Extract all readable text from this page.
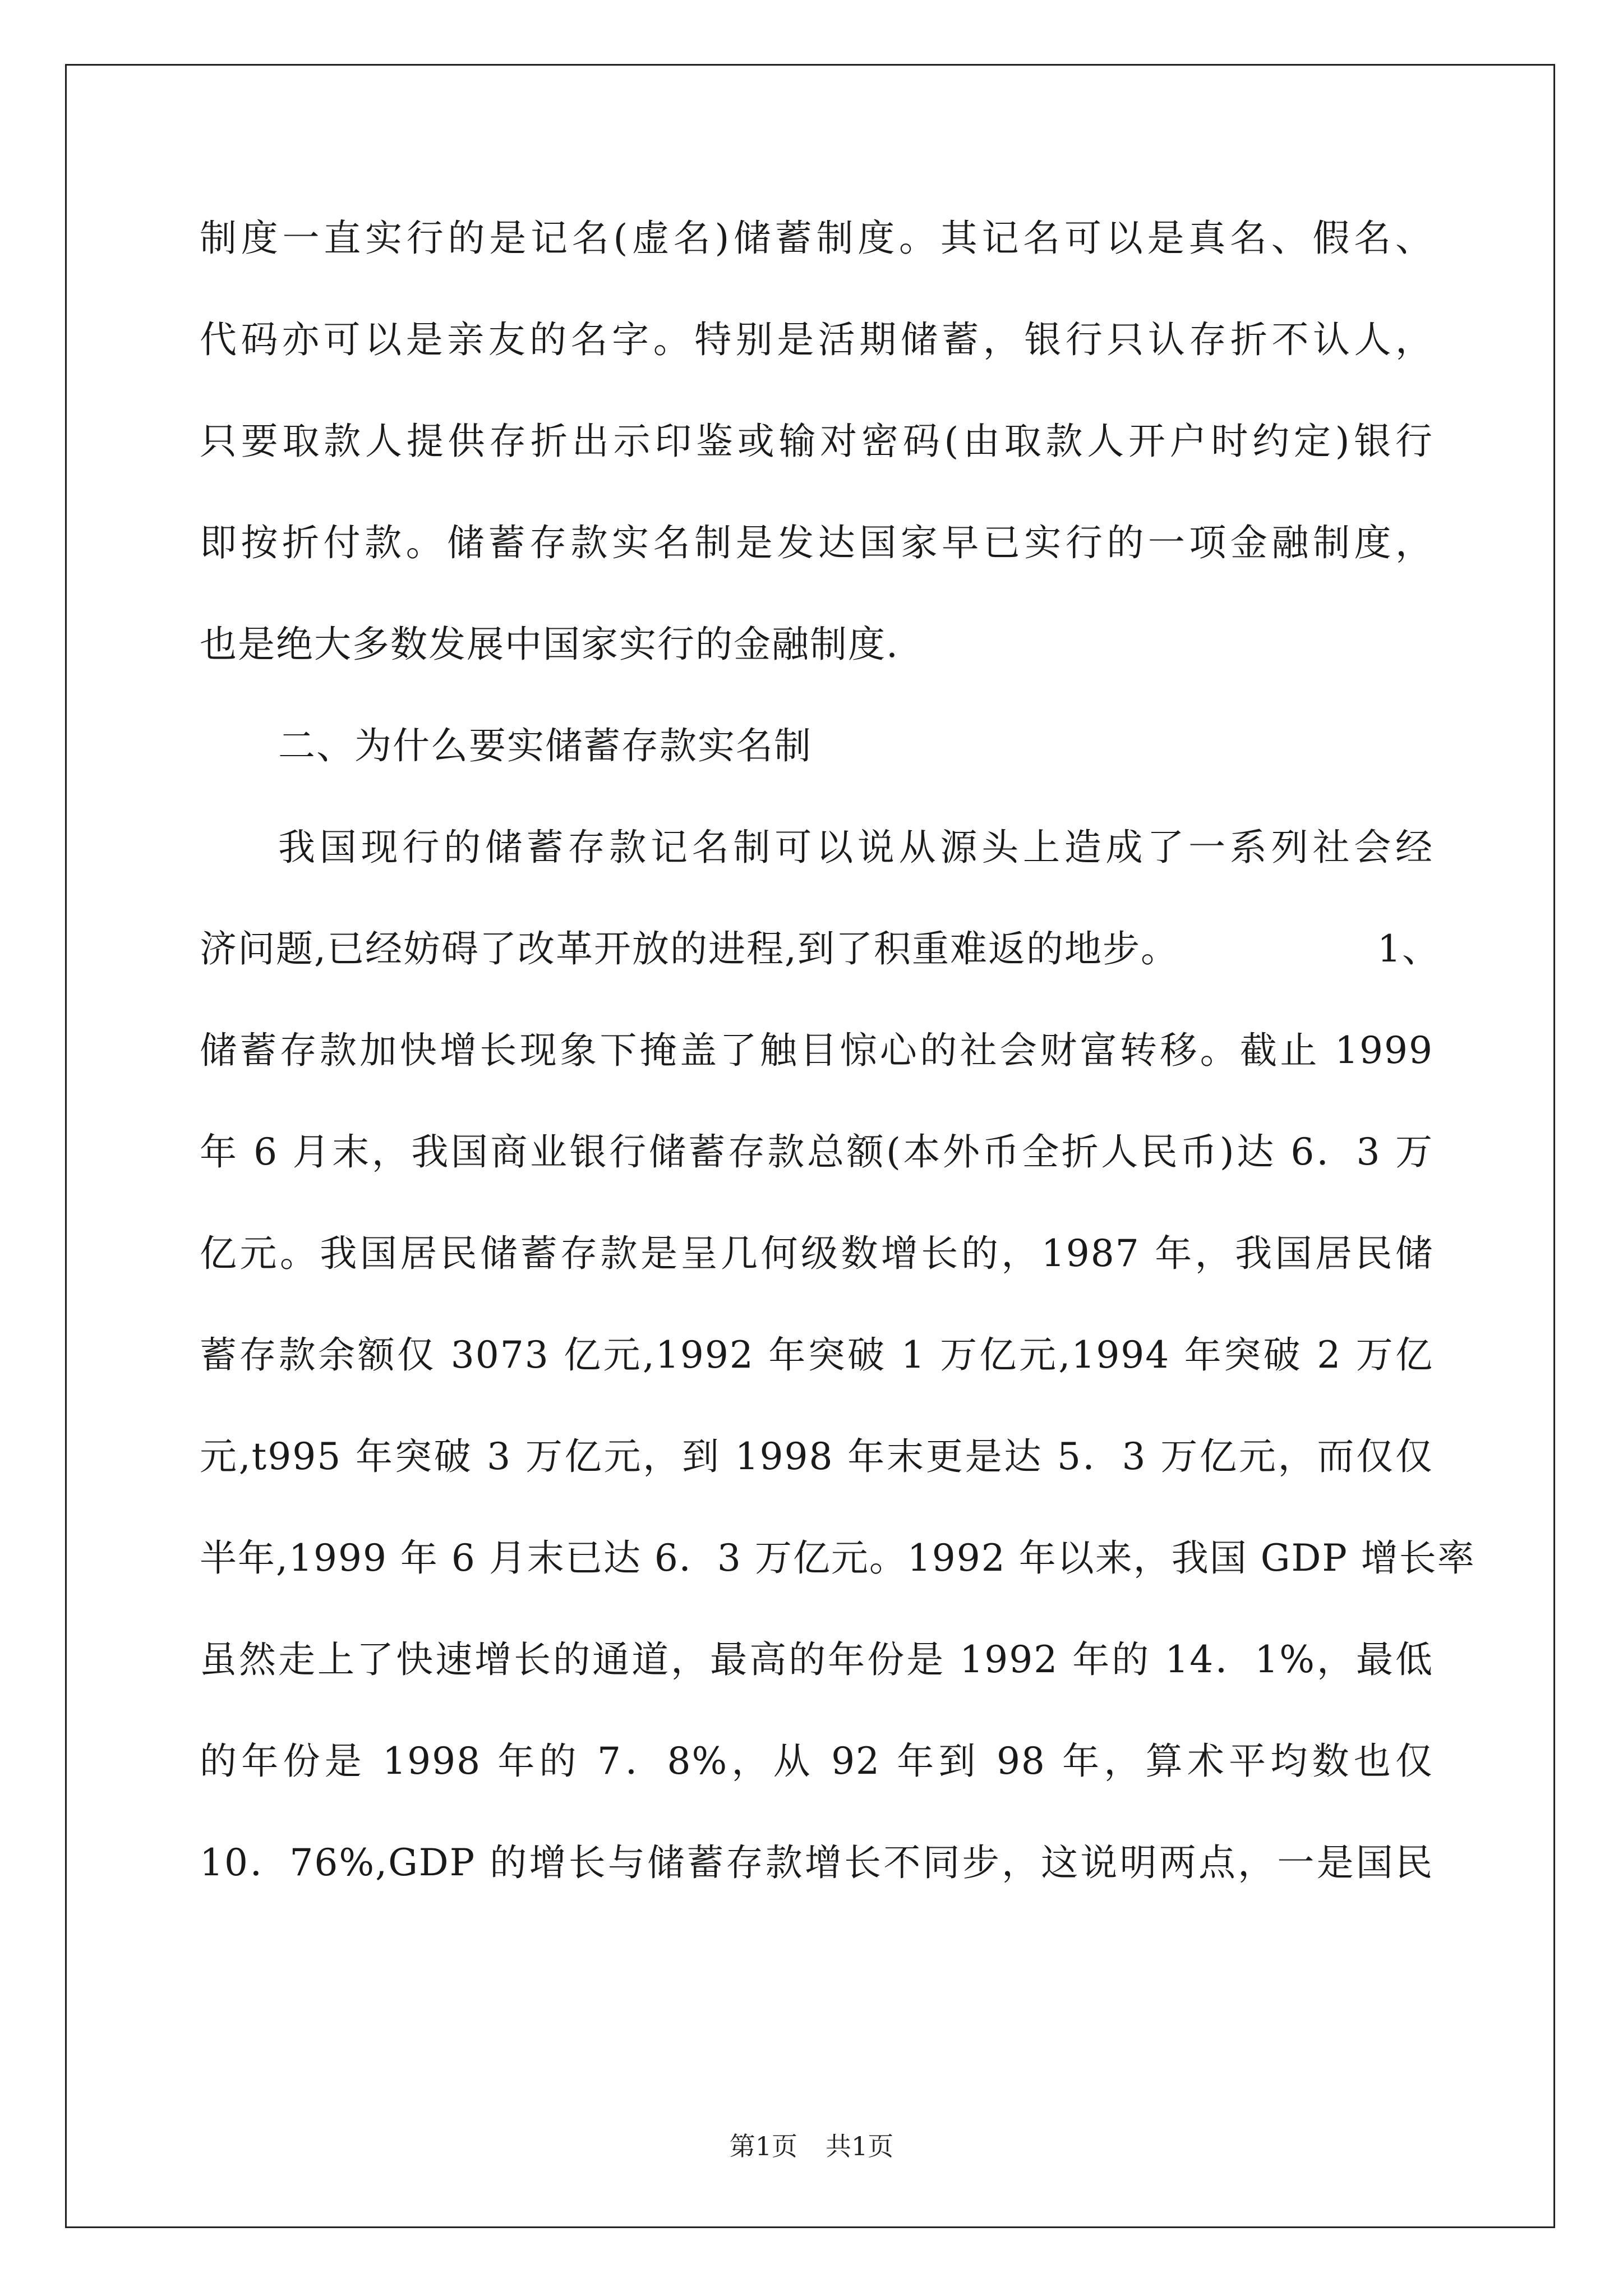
制度一直实行的是记名(虚名)储蓄制度。其记名可以是真名、假名、
代码亦可以是亲友的名字。特别是活期储蓄，银行只认存折不认人，
只要取款人提供存折出示印鉴或输对密码(由取款人开户时约定)银行
即按折付款。储蓄存款实名制是发达国家早已实行的一项金融制度，
也是绝大多数发展中国家实行的金融制度.
二、为什么要实储蓄存款实名制
我国现行的储蓄存款记名制可以说从源头上造成了一系列社会经
济问题,已经妨碍了改革开放的进程,到了积重难返的地步。	1、
储蓄存款加快增长现象下掩盖了触目惊心的社会财富转移。截止 1999
年 6 月末，我国商业银行储蓄存款总额(本外币全折人民币)达 6．3 万
亿元。我国居民储蓄存款是呈几何级数增长的，1987 年，我国居民储
蓄存款余额仅 3073 亿元,1992 年突破 1 万亿元,1994 年突破 2 万亿
元,t995 年突破 3 万亿元，到 1998 年末更是达 5．3 万亿元，而仅仅
半年,1999 年 6 月末已达 6．3 万亿元。1992 年以来，我国 GDP 增长率
虽然走上了快速增长的通道，最高的年份是 1992 年的 14．1%，最低
的年份是 1998 年的 7．8%，从 92 年到 98 年，算术平均数也仅
10．76%,GDP 的增长与储蓄存款增长不同步，这说明两点，一是国民
第1页 共1页
